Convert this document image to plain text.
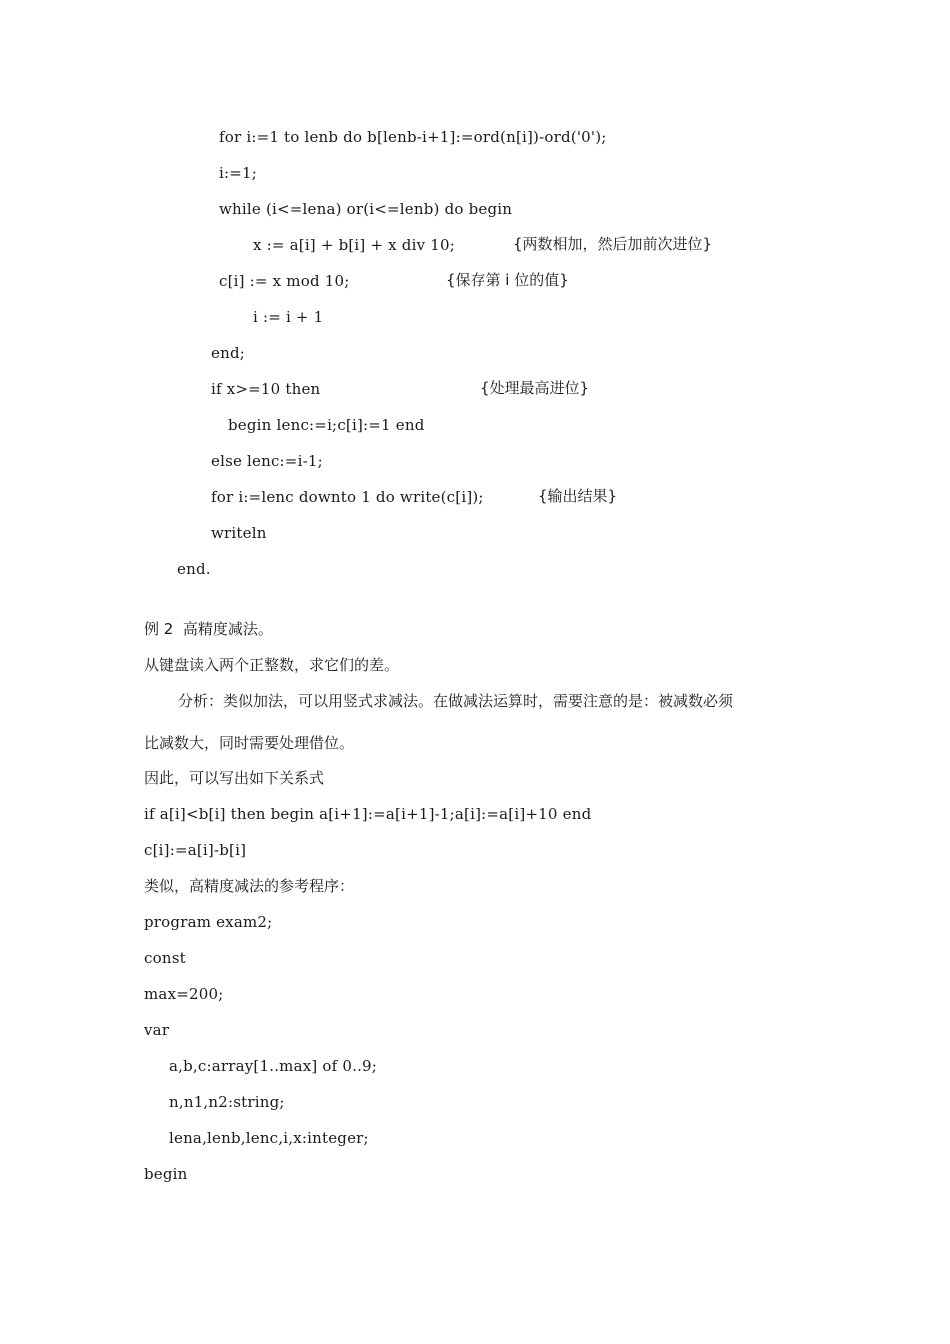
for i:=1 to lenb do b[lenb-i+1]:=ord(n[i])-ord('0');
i:=1;
while (i<=lena) or(i<=lenb) do begin
x := a[i] + b[i] + x div 10;	{两数相加，然后加前次进位}
c[i] := x mod 10;	{保存第 i 位的值}
i := i + 1
end;
if x>=10 then	{处理最高进位}
begin lenc:=i;c[i]:=1 end
else lenc:=i-1;
for i:=lenc downto 1 do write(c[i]);	{输出结果}
writeln
end.
例 2  高精度减法。
从键盘读入两个正整数，求它们的差。
分析：类似加法，可以用竖式求减法。在做减法运算时，需要注意的是：被减数必须
比减数大，同时需要处理借位。
因此，可以写出如下关系式
if a[i]<b[i] then begin a[i+1]:=a[i+1]-1;a[i]:=a[i]+10 end
c[i]:=a[i]-b[i]
类似，高精度减法的参考程序：
program exam2;
const
max=200;
var
a,b,c:array[1..max] of 0..9;
n,n1,n2:string;
lena,lenb,lenc,i,x:integer;
begin
